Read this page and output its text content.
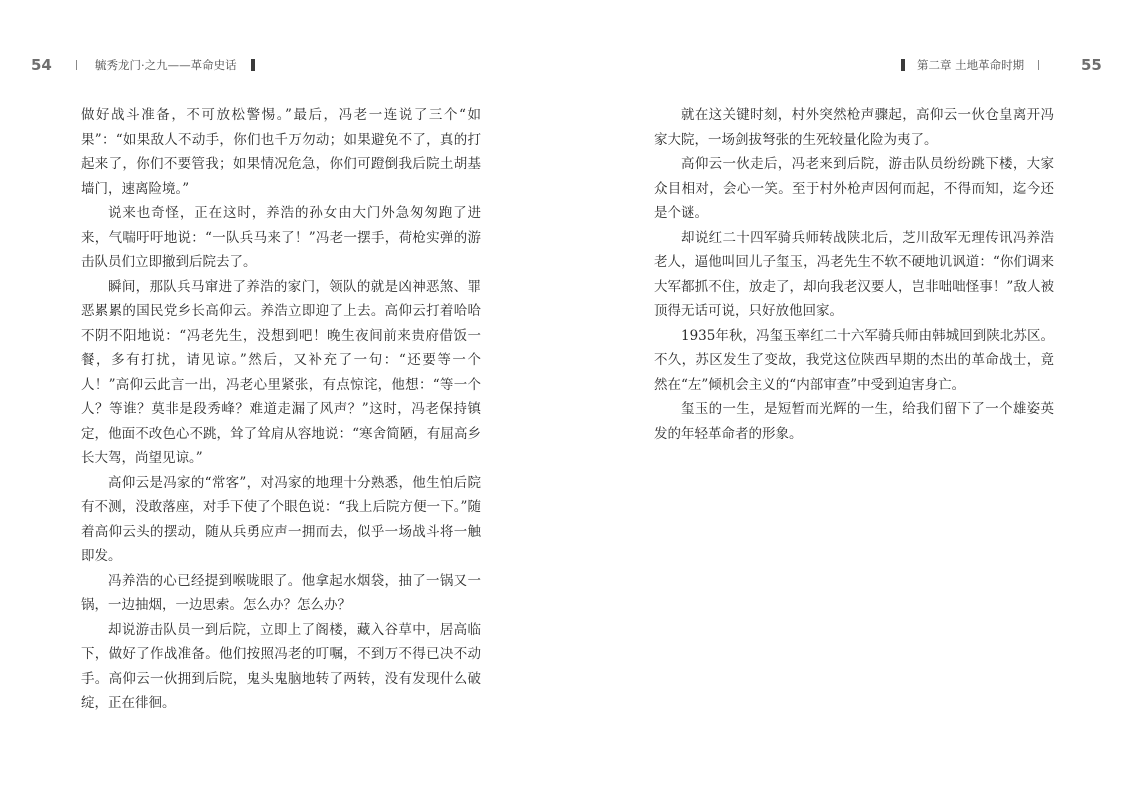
54	毓秀龙门·之九——革命史话

做好战斗准备，不可放松警惕。”最后，冯老一连说了三个“如果”：“如果敌人不动手，你们也千万勿动；如果避免不了，真的打起来了，你们不要管我；如果情况危急，你们可蹬倒我后院土胡基墙门，速离险境。”

说来也奇怪，正在这时，养浩的孙女由大门外急匆匆跑了进来，气喘吁吁地说：“一队兵马来了！”冯老一摆手，荷枪实弹的游击队员们立即撤到后院去了。

瞬间，那队兵马窜进了养浩的家门，领队的就是凶神恶煞、罪恶累累的国民党乡长高仰云。养浩立即迎了上去。高仰云打着哈哈不阴不阳地说：“冯老先生，没想到吧！晚生夜间前来贵府借饭一餐，多有打扰，请见谅。”然后，又补充了一句：“还要等一个人！”高仰云此言一出，冯老心里紧张，有点惊诧，他想：“等一个人？等谁？莫非是段秀峰？难道走漏了风声？”这时，冯老保持镇定，他面不改色心不跳，耸了耸肩从容地说：“寒舍简陋，有屈高乡长大驾，尚望见谅。”

高仰云是冯家的“常客”，对冯家的地理十分熟悉，他生怕后院有不测，没敢落座，对手下使了个眼色说：“我上后院方便一下。”随着高仰云头的摆动，随从兵勇应声一拥而去，似乎一场战斗将一触即发。

冯养浩的心已经提到喉咙眼了。他拿起水烟袋，抽了一锅又一锅，一边抽烟，一边思索。怎么办？怎么办？

却说游击队员一到后院，立即上了阁楼，藏入谷草中，居高临下，做好了作战准备。他们按照冯老的叮嘱，不到万不得已决不动手。高仰云一伙拥到后院，鬼头鬼脑地转了两转，没有发现什么破绽，正在徘徊。

第二章 土地革命时期	55

就在这关键时刻，村外突然枪声骤起，高仰云一伙仓皇离开冯家大院，一场剑拔弩张的生死较量化险为夷了。

高仰云一伙走后，冯老来到后院，游击队员纷纷跳下楼，大家众目相对，会心一笑。至于村外枪声因何而起，不得而知，迄今还是个谜。

却说红二十四军骑兵师转战陕北后，芝川敌军无理传讯冯养浩老人，逼他叫回儿子玺玉，冯老先生不软不硬地讥讽道：“你们调来大军都抓不住，放走了，却向我老汉要人，岂非咄咄怪事！”敌人被顶得无话可说，只好放他回家。

1935年秋，冯玺玉率红二十六军骑兵师由韩城回到陕北苏区。不久，苏区发生了变故，我党这位陕西早期的杰出的革命战士，竟然在“左”倾机会主义的“内部审查”中受到迫害身亡。

玺玉的一生，是短暂而光辉的一生，给我们留下了一个雄姿英发的年轻革命者的形象。
